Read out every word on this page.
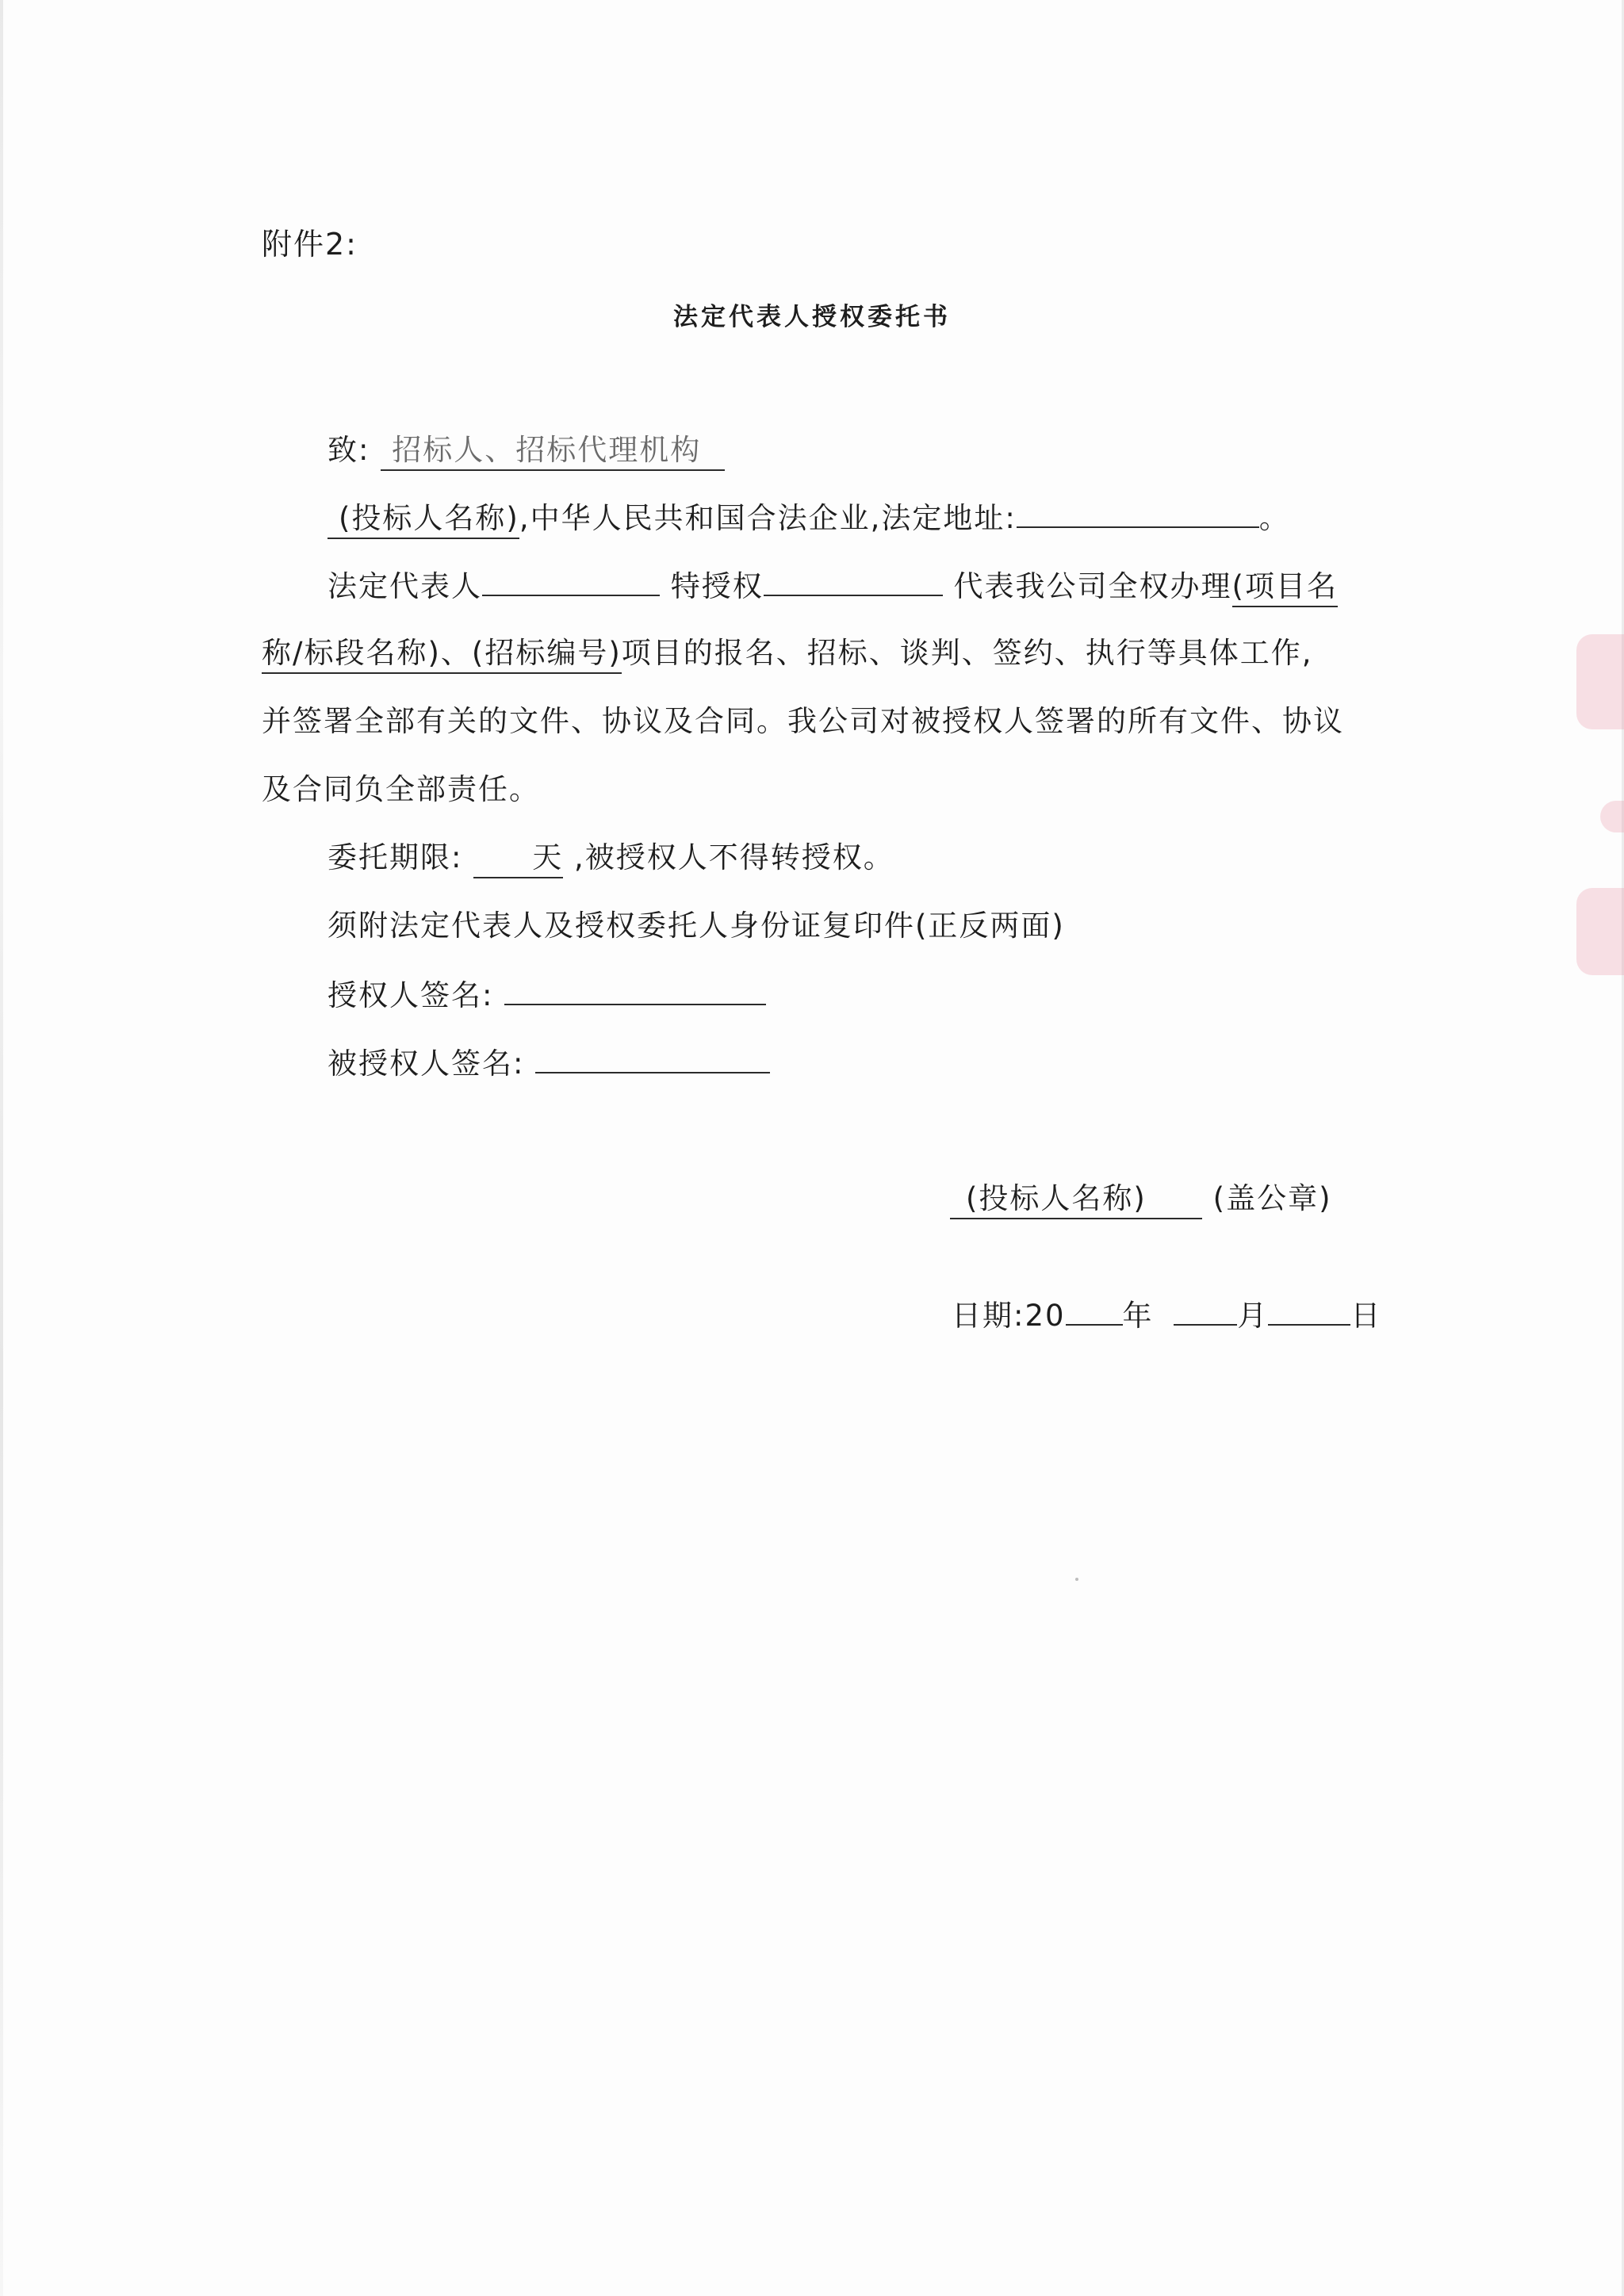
附件2:
法定代表人授权委托书
致: 招标人、招标代理机构
(投标人名称),中华人民共和国合法企业,法定地址:	。
法定代表人	特授权	代表我公司全权办理(项目名
称/标段名称)、(招标编号)项目的报名、招标、谈判、签约、执行等具体工作,
并签署全部有关的文件、协议及合同。我公司对被授权人签署的所有文件、协议
及合同负全部责任。
委托期限: 天 ,被授权人不得转授权。
须附法定代表人及授权委托人身份证复印件(正反两面)
授权人签名:
被授权人签名:
(投标人名称) (盖公章)
日期:20 年	月	日
